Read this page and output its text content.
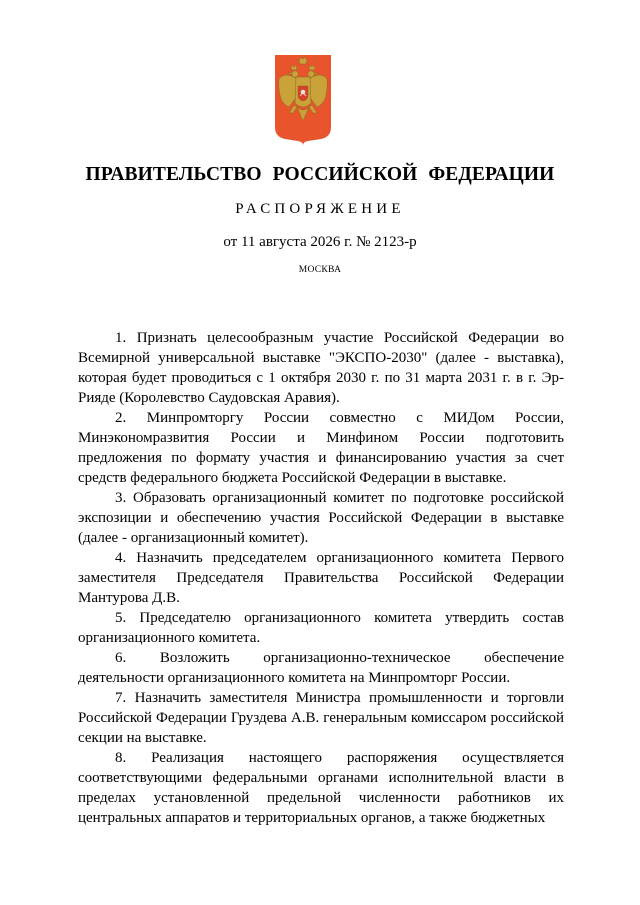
ПРАВИТЕЛЬСТВО РОССИЙСКОЙ ФЕДЕРАЦИИ
РАСПОРЯЖЕНИЕ
от 11 августа 2026 г. № 2123-р
МОСКВА

1. Признать целесообразным участие Российской Федерации во Всемирной универсальной выставке "ЭКСПО-2030" (далее - выставка), которая будет проводиться с 1 октября 2030 г. по 31 марта 2031 г. в г. Эр-Рияде (Королевство Саудовская Аравия).

2. Минпромторгу России совместно с МИДом России, Минэкономразвития России и Минфином России подготовить предложения по формату участия и финансированию участия за счет средств федерального бюджета Российской Федерации в выставке.

3. Образовать организационный комитет по подготовке российской экспозиции и обеспечению участия Российской Федерации в выставке (далее - организационный комитет).

4. Назначить председателем организационного комитета Первого заместителя Председателя Правительства Российской Федерации Мантурова Д.В.

5. Председателю организационного комитета утвердить состав организационного комитета.

6. Возложить организационно-техническое обеспечение деятельности организационного комитета на Минпромторг России.

7. Назначить заместителя Министра промышленности и торговли Российской Федерации Груздева А.В. генеральным комиссаром российской секции на выставке.

8. Реализация настоящего распоряжения осуществляется соответствующими федеральными органами исполнительной власти в пределах установленной предельной численности работников их центральных аппаратов и территориальных органов, а также бюджетных
